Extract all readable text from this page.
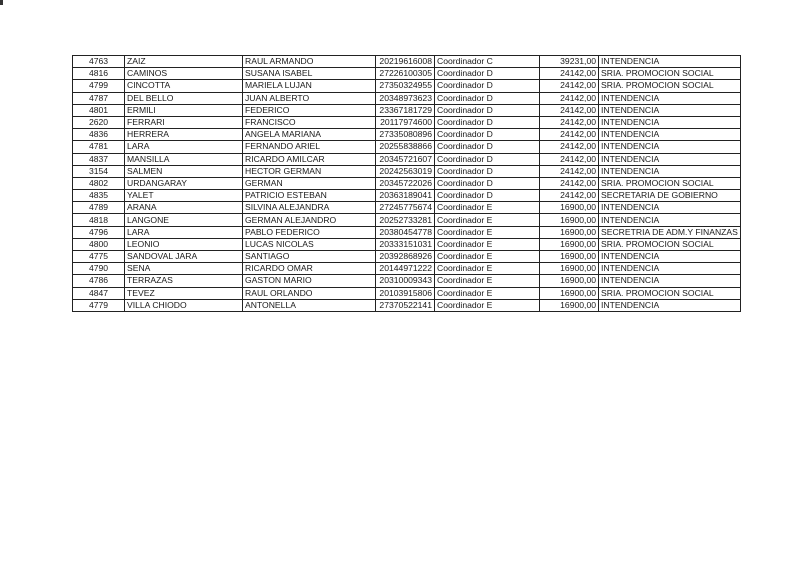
4763	ZAIZ	RAUL ARMANDO	20219616008	Coordinador C	39231,00	INTENDENCIA
4816	CAMINOS	SUSANA ISABEL	27226100305	Coordinador D	24142,00	SRIA. PROMOCION SOCIAL
4799	CINCOTTA	MARIELA LUJAN	27350324955	Coordinador D	24142,00	SRIA. PROMOCION SOCIAL
4787	DEL BELLO	JUAN ALBERTO	20348973623	Coordinador D	24142,00	INTENDENCIA
4801	ERMILI	FEDERICO	23367181729	Coordinador D	24142,00	INTENDENCIA
2620	FERRARI	FRANCISCO	20117974600	Coordinador D	24142,00	INTENDENCIA
4836	HERRERA	ANGELA MARIANA	27335080896	Coordinador D	24142,00	INTENDENCIA
4781	LARA	FERNANDO ARIEL	20255838866	Coordinador D	24142,00	INTENDENCIA
4837	MANSILLA	RICARDO AMILCAR	20345721607	Coordinador D	24142,00	INTENDENCIA
3154	SALMEN	HECTOR GERMAN	20242563019	Coordinador D	24142,00	INTENDENCIA
4802	URDANGARAY	GERMAN	20345722026	Coordinador D	24142,00	SRIA. PROMOCION SOCIAL
4835	YALET	PATRICIO ESTEBAN	20363189041	Coordinador D	24142,00	SECRETARIA DE GOBIERNO
4789	ARANA	SILVINA ALEJANDRA	27245775674	Coordinador E	16900,00	INTENDENCIA
4818	LANGONE	GERMAN ALEJANDRO	20252733281	Coordinador E	16900,00	INTENDENCIA
4796	LARA	PABLO FEDERICO	20380454778	Coordinador E	16900,00	SECRETRIA DE ADM.Y FINANZAS
4800	LEONIO	LUCAS NICOLAS	20333151031	Coordinador E	16900,00	SRIA. PROMOCION SOCIAL
4775	SANDOVAL JARA	SANTIAGO	20392868926	Coordinador E	16900,00	INTENDENCIA
4790	SENA	RICARDO OMAR	20144971222	Coordinador E	16900,00	INTENDENCIA
4786	TERRAZAS	GASTON MARIO	20310009343	Coordinador E	16900,00	INTENDENCIA
4847	TEVEZ	RAUL ORLANDO	20103915806	Coordinador E	16900,00	SRIA. PROMOCION SOCIAL
4779	VILLA CHIODO	ANTONELLA	27370522141	Coordinador E	16900,00	INTENDENCIA
